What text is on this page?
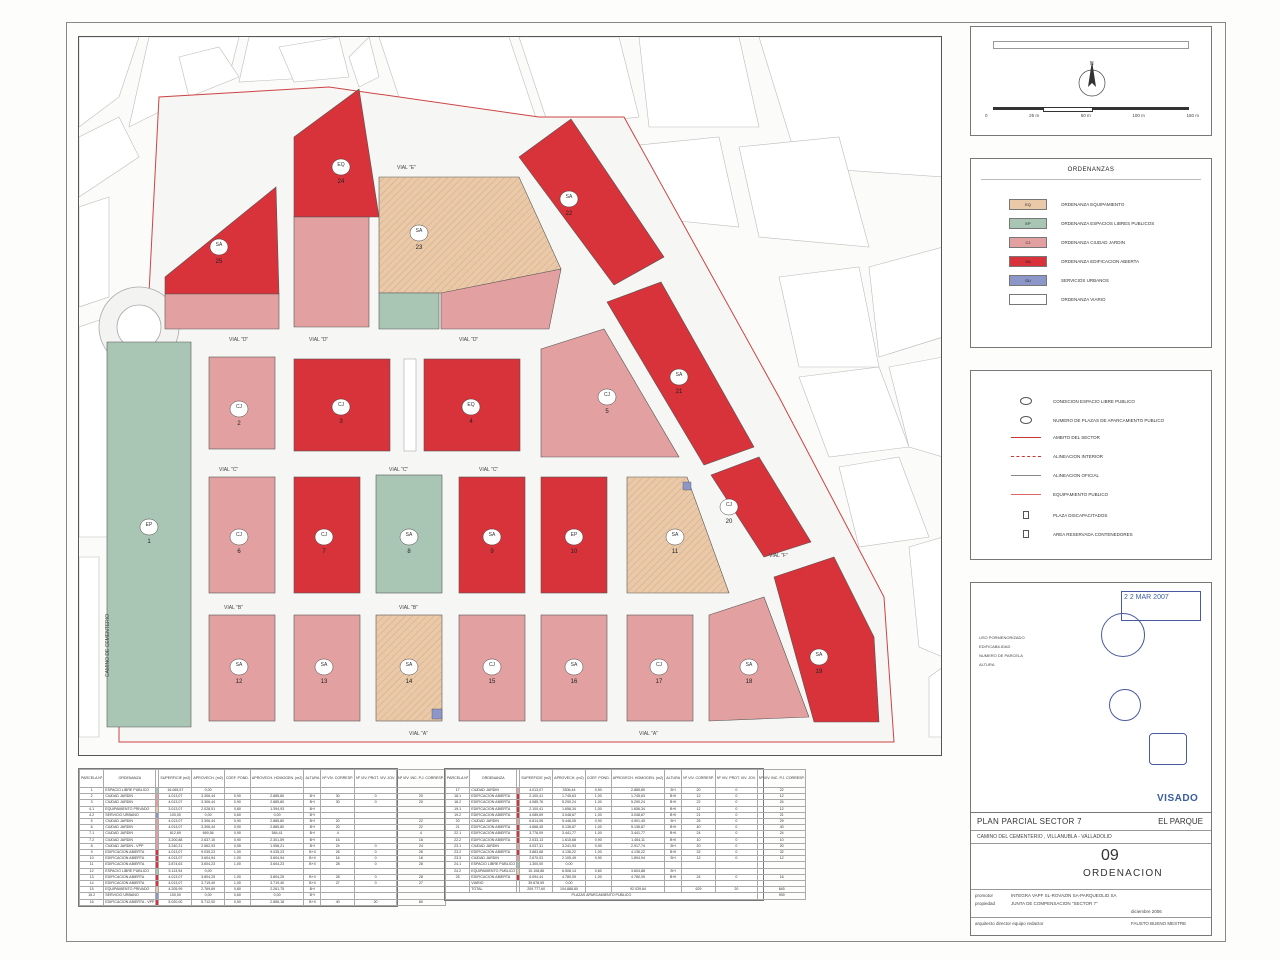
EP
1
CJ
2
CJ
3
EQ
4
CJ
5
CJ
6
CJ
7
SA
8
SA
9
EP
10
SA
11
SA
12
SA
13
SA
14
CJ
15
SA
16
CJ
17
SA
18
SA
19
CJ
20
SA
21
SA
22
SA
23
EQ
24
SA
25
VIAL "A"
VIAL "A"
VIAL "B"
VIAL "B"
VIAL "C"	VIAL "C"
VIAL "C"
VIAL "D"	VIAL "D"	VIAL "D"
VIAL "E"
VIAL "F"
CAMINO DE CEMENTERIO
N
0	25 m	50 m	100 m	150 m
ORDENANZAS
EQ	ORDENANZA EQUIPAMIENTO
EP	ORDENANZA ESPACIOS LIBRES PUBLICOS
CJ	ORDENANZA CIUDAD JARDIN
SA	ORDENANZA EDIFICACION ABIERTA
SU	SERVICIOS URBANOS
ORDENANZA VIARIO
CONDICION ESPACIO LIBRE PUBLICO
NUMERO DE PLAZAS DE APARCAMIENTO PUBLICO
AMBITO DEL SECTOR
ALINEACION INTERIOR
ALINEACION OFICIAL
EQUIPAMIENTO PUBLICO
PLAZA DISCAPACITADOS
AREA RESERVADA CONTENEDORES
2 2 MAR 2007
USO PORMENORIZADO
EDIFICABILIDAD
NUMERO DE PARCELA
ALTURA
VISADO
PLAN PARCIAL SECTOR 7	EL PARQUE
CAMINO DEL CEMENTERIO , VILLANUBLA - VALLADOLID
09
ORDENACION
promotor	INTEGRA VAPF SL-ROVAZIN SA-PARQUEOLID SA
propiedad	JUNTA DE COMPENSACION "SECTOR 7"
diciembre 2006
arquitecto director equipo redactor	FAUSTO BUENO MESTRE
PARCELA Nº	ORDENANZA		SUPERFICIE (m2)	APROVECH. (m2)	COEF. POND.	APROVECH. HOMOGEN. (m2)	ALTURA	Nº VIV. CORRESP.	Nº VIV. PROT. VIV. JOV.	Nº VIV. INC. P.J. CORRESP.
1	ESPACIO LIBRE PUBLICO		16.065,57	0,00						
2	CIUDAD JARDIN		4.013,07	3.306,44	0,90	2.885,80	B+I	30	0	20
3	CIUDAD JARDIN		4.013,07	3.306,44	0,90	2.885,80	B+I	30	0	20
4.1	EQUIPAMIENTO PRIVADO		3.013,07	2.028,51	0,80	1.394,93	B+I			
4.2	SERVICIO URBANO		100,00	0,00	0,60	0,00	B+I			
5	CIUDAD JARDIN		4.013,07	3.306,44	0,90	2.885,80	B+I	20		22
6	CIUDAD JARDIN		4.013,07	3.306,44	0,90	2.885,80	B+I	20		22
7.1	CIUDAD JARDIN		812,69	669,56	0,90	584,41	B+I	4		4
7.2	CIUDAD JARDIN		3.200,88	2.637,10	0,90	2.301,59	B+I	16		16
8	CIUDAD JARDIN - VPP		3.240,21	2.562,93	0,55	1.958,21	B+I	24	0	24
9	EDIFICACION ABIERTA		4.013,07	9.035,23	1,00	9.035,23	B+II	26	0	26
10	EDIFICACION ABIERTA		4.013,07	3.604,94	1,00	3.604,94	B+II	16	0	16
11	EDIFICACION ABIERTA		3.874,63	3.604,23	1,00	3.604,23	B+II	28	0	28
12	ESPACIO LIBRE PUBLICO		5.113,94	0,00						
13	EDIFICACION ABIERTA		4.013,07	3.804,25	1,00	3.804,25	B+II	28	0	28
14	EDIFICACION ABIERTA		4.013,07	3.719,40	1,00	3.719,40	B+II	27	0	27
15	EQUIPAMIENTO PRIVADO		4.205,99	2.769,69	0,80	2.261,75	B+I			
15.2	SERVICIO URBANO		100,00	0,00	0,60	0,00	B+I			
16	EDIFICACION ABIERTA - VPP		5.020,00	5.712,00	0,50	2.856,18	B+II	40	20	80
PARCELA Nº	ORDENANZA		SUPERFICIE (m2)	APROVECH. (m2)	COEF. POND.	APROVECH. HOMOGEN. (m2)	ALTURA	Nº VIV. CORRESP.	Nº VIV. PROT. VIV. JOV.	Nº VIV. INC. P.J. CORRESP.
17	CIUDAD JARDIN		4.013,07	3306,44	0,90	2.885,80	B+I	20	0	22
18.1	EDIFICACION ABIERTA		2.100,41	1.745,63	1,00	1.745,63	B+II	12	0	12
18.2	EDIFICACION ABIERTA		4.085,76	5.290,24	1,00	5.290,24	B+II	22	0	24
19.1	EDIFICACION ABIERTA		2.100,41	1.656,34	1,00	1.656,34	B+II	12	0	12
19.2	EDIFICACION ABIERTA		4.085,69	3.048,67	1,00	3.048,67	B+II	21	0	21
20	CIUDAD JARDIN		6.814,06	5.446,05	0,90	4.901,45	B+I	25	0	29
21	EDIFICACION ABIERTA		4.668,45	5.136,87	1,00	5.136,87	B+II	40	0	40
22.1	EDIFICACION ABIERTA		3.776,09	3.441,77	1,00	3.441,77	B+II	24	0	24
22.2	EDIFICACION ABIERTA		2.033,13	1.615,68	0,90	1.454,11	B+II	10	0	10
23.1	CIUDAD JARDIN		4.037,31	3.241,93	0,90	2.917,74	B+I	20	0	20
23.2	EDIFICACION ABIERTA		3.883,68	4.136,22	1,00	4.136,22	B+II	32	0	32
23.3	CIUDAD JARDIN		2.670,03	2.105,49	0,90	1.894,94	B+I	12	0	12
24.1	ESPACIO LIBRE PUBLICO		1.300,00	0,00						
24.2	EQUIPAMIENTO PUBLICO		10.108,86	6.508,14	0,60	3.604,88	B+I			
25	EDIFICACION ABIERTA		6.094,44	4.780,05	1,00	4.780,05	B+II	24	0	16
	VIARIO		39.678,59	0,00						
	TOTAL		209.777,60	104.888,80		92.039,64		629	20	645
PLAZAS APARCAMIENTO PUBLICO										939
